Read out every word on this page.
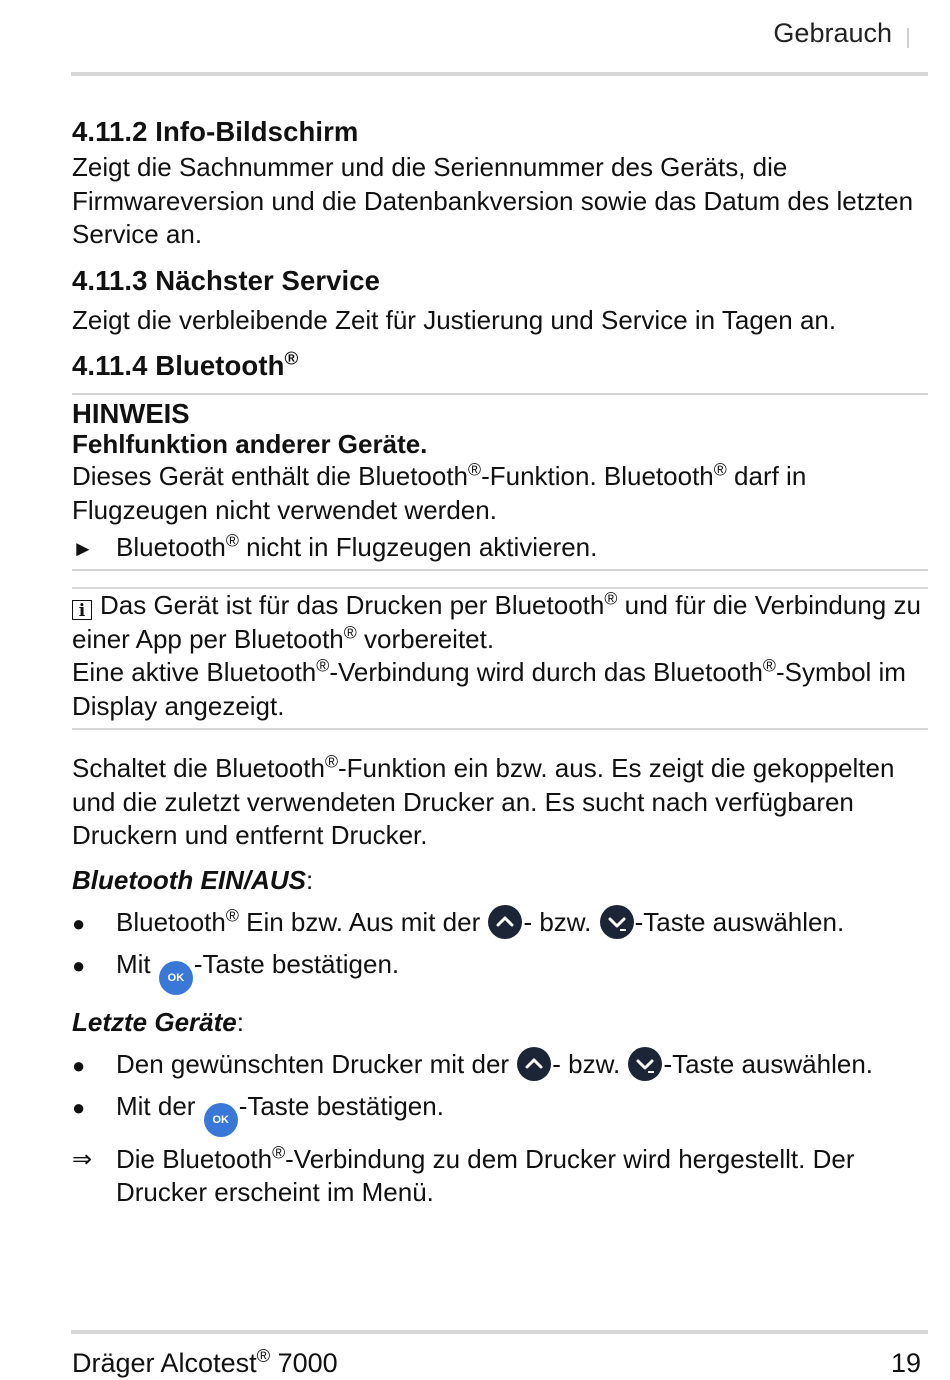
Gebrauch
4.11.2 Info-Bildschirm

Zeigt die Sachnummer und die Seriennummer des Geräts, die Firmwareversion und die Datenbankversion sowie das Datum des letzten Service an.

4.11.3 Nächster Service

Zeigt die verbleibende Zeit für Justierung und Service in Tagen an.

4.11.4 Bluetooth®
HINWEIS
Fehlfunktion anderer Geräte.

Dieses Gerät enthält die Bluetooth®-Funktion. Bluetooth® darf in Flugzeugen nicht verwendet werden.

► Bluetooth® nicht in Flugzeugen aktivieren.

i Das Gerät ist für das Drucken per Bluetooth® und für die Verbindung zu einer App per Bluetooth® vorbereitet.

Eine aktive Bluetooth®-Verbindung wird durch das Bluetooth®-Symbol im Display angezeigt.

Schaltet die Bluetooth®-Funktion ein bzw. aus. Es zeigt die gekoppelten und die zuletzt verwendeten Drucker an. Es sucht nach verfügbaren Druckern und entfernt Drucker.

Bluetooth EIN/AUS:
●	Bluetooth® Ein bzw. Aus mit der
- bzw.
-Taste auswählen.
●	Mit OK -Taste bestätigen.
Letzte Geräte:
●	Den gewünschten Drucker mit der
- bzw.
-Taste auswählen.
●	Mit der OK -Taste bestätigen.
⇒ Die Bluetooth®-Verbindung zu dem Drucker wird hergestellt. Der Drucker erscheint im Menü.
Dräger Alcotest® 7000	19
